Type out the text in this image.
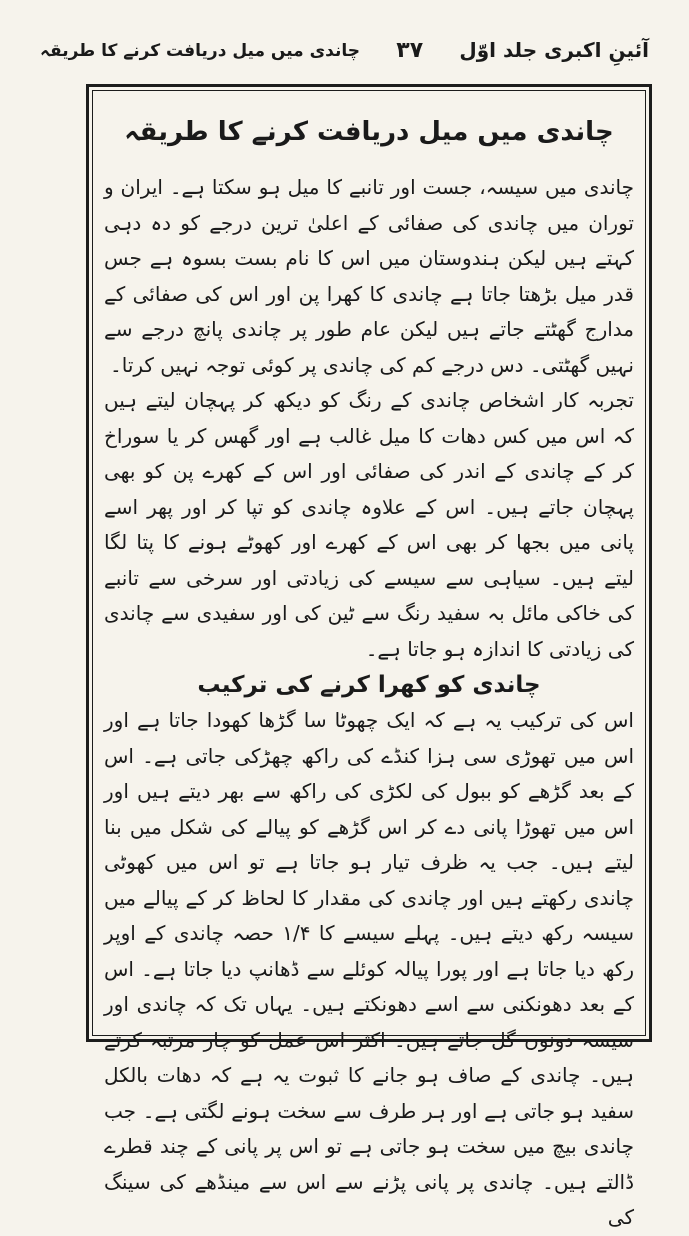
آئینِ اکبری جلد اوّل
۳۷
چاندی میں میل دریافت کرنے کا طریقہ
چاندی میں میل دریافت کرنے کا طریقہ

چاندی میں سیسہ، جست اور تانبے کا میل ہو سکتا ہے۔ ایران و توران میں چاندی کی صفائی کے اعلیٰ ترین درجے کو دہ دہی کہتے ہیں لیکن ہندوستان میں اس کا نام بست بسوہ ہے جس قدر میل بڑھتا جاتا ہے چاندی کا کھرا پن اور اس کی صفائی کے مدارج گھٹتے جاتے ہیں لیکن عام طور پر چاندی پانچ درجے سے نہیں گھٹتی۔ دس درجے کم کی چاندی پر کوئی توجہ نہیں کرتا۔

تجربہ کار اشخاص چاندی کے رنگ کو دیکھ کر پہچان لیتے ہیں کہ اس میں کس دھات کا میل غالب ہے اور گھس کر یا سوراخ کر کے چاندی کے اندر کی صفائی اور اس کے کھرے پن کو بھی پہچان جاتے ہیں۔ اس کے علاوہ چاندی کو تپا کر اور پھر اسے پانی میں بجھا کر بھی اس کے کھرے اور کھوٹے ہونے کا پتا لگا لیتے ہیں۔ سیاہی سے سیسے کی زیادتی اور سرخی سے تانبے کی خاکی مائل بہ سفید رنگ سے ٹین کی اور سفیدی سے چاندی کی زیادتی کا اندازہ ہو جاتا ہے۔

چاندی کو کھرا کرنے کی ترکیب

اس کی ترکیب یہ ہے کہ ایک چھوٹا سا گڑھا کھودا جاتا ہے اور اس میں تھوڑی سی ہزا کنڈے کی راکھ چھڑکی جاتی ہے۔ اس کے بعد گڑھے کو ببول کی لکڑی کی راکھ سے بھر دیتے ہیں اور اس میں تھوڑا پانی دے کر اس گڑھے کو پیالے کی شکل میں بنا لیتے ہیں۔ جب یہ ظرف تیار ہو جاتا ہے تو اس میں کھوٹی چاندی رکھتے ہیں اور چاندی کی مقدار کا لحاظ کر کے پیالے میں سیسہ رکھ دیتے ہیں۔ پہلے سیسے کا ۱/۴ حصہ چاندی کے اوپر رکھ دیا جاتا ہے اور پورا پیالہ کوئلے سے ڈھانپ دیا جاتا ہے۔ اس کے بعد دھونکنی سے اسے دھونکتے ہیں۔ یہاں تک کہ چاندی اور سیسہ دونوں گل جاتے ہیں۔ اکثر اس عمل کو چار مرتبہ کرتے ہیں۔ چاندی کے صاف ہو جانے کا ثبوت یہ ہے کہ دھات بالکل سفید ہو جاتی ہے اور ہر طرف سے سخت ہونے لگتی ہے۔ جب چاندی بیچ میں سخت ہو جاتی ہے تو اس پر پانی کے چند قطرے ڈالتے ہیں۔ چاندی پر پانی پڑنے سے اس سے مینڈھے کی سینگ کی
